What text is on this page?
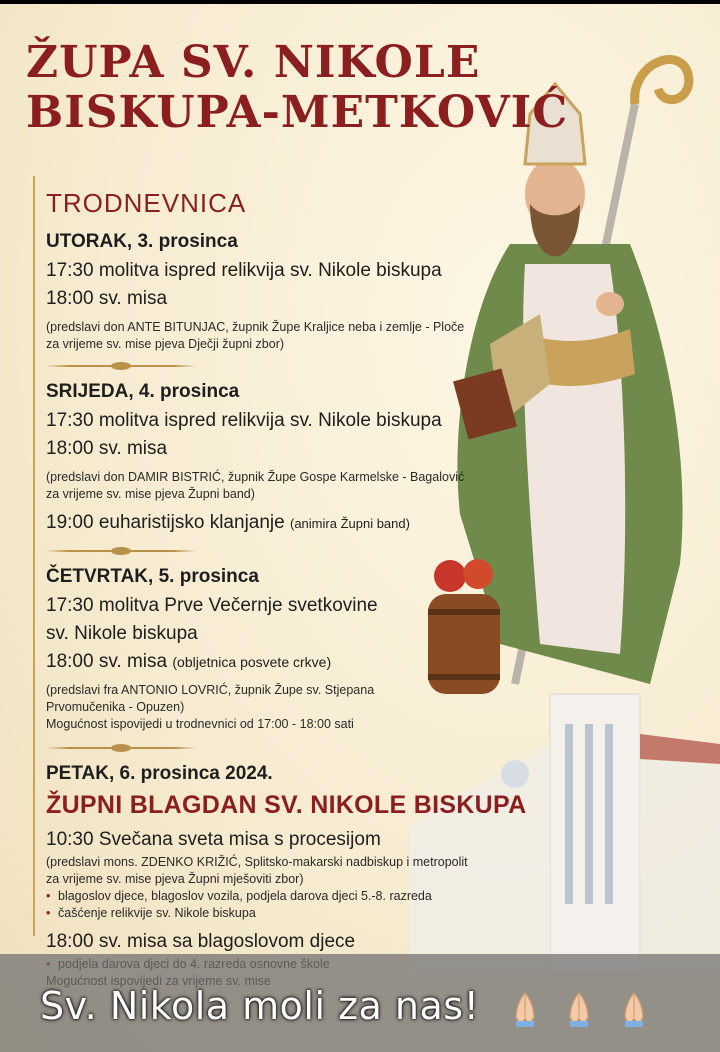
ŽUPA SV. NIKOLE
BISKUPA-METKOVIĆ
TRODNEVNICA
UTORAK, 3. prosinca
17:30 molitva ispred relikvija sv. Nikole biskupa
18:00 sv. misa
(predslavi don ANTE BITUNJAC, župnik Župe Kraljice neba i zemlje - Ploče
za vrijeme sv. mise pjeva Dječji župni zbor)
SRIJEDA, 4. prosinca
17:30 molitva ispred relikvija sv. Nikole biskupa
18:00 sv. misa
(predslavi don DAMIR BISTRIĆ, župnik Župe Gospe Karmelske - Bagalović
za vrijeme sv. mise pjeva Župni band)
19:00 euharistijsko klanjanje (animira Župni band)
ČETVRTAK, 5. prosinca
17:30 molitva Prve Večernje svetkovine
sv. Nikole biskupa
18:00 sv. misa (obljetnica posvete crkve)
(predslavi fra ANTONIO LOVRIĆ, župnik Župe sv. Stjepana
Prvomučenika - Opuzen)
Mogućnost ispovijedi u trodnevnici od 17:00 - 18:00 sati
PETAK, 6. prosinca 2024.
ŽUPNI BLAGDAN SV. NIKOLE BISKUPA
10:30 Svečana sveta misa s procesijom
(predslavi mons. ZDENKO KRIŽIĆ, Splitsko-makarski nadbiskup i metropolit
za vrijeme sv. mise pjeva Župni mješoviti zbor)
• blagoslov djece, blagoslov vozila, podjela darova djeci 5.-8. razreda
• čašćenje relikvije sv. Nikole biskupa
18:00 sv. misa sa blagoslovom djece
•
Sv. Nikola moli za nas!
